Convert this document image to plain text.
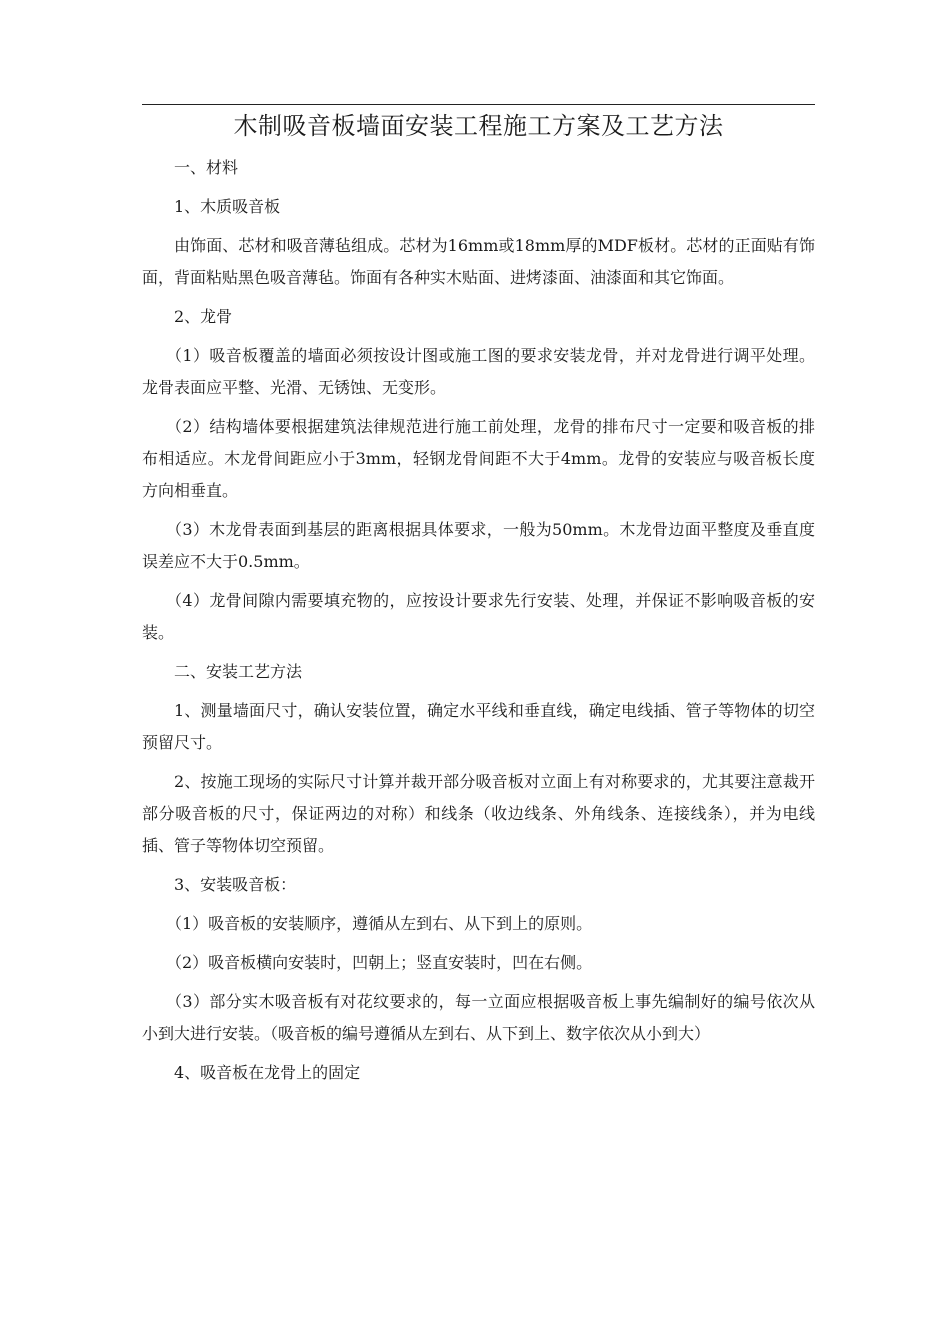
木制吸音板墙面安装工程施工方案及工艺方法

一、材料

1、木质吸音板

由饰面、芯材和吸音薄毡组成。芯材为16mm或18mm厚的MDF板材。芯材的正面贴有饰面，背面粘贴黑色吸音薄毡。饰面有各种实木贴面、进烤漆面、油漆面和其它饰面。

2、龙骨

（1）吸音板覆盖的墙面必须按设计图或施工图的要求安装龙骨，并对龙骨进行调平处理。龙骨表面应平整、光滑、无锈蚀、无变形。

（2）结构墙体要根据建筑法律规范进行施工前处理，龙骨的排布尺寸一定要和吸音板的排布相适应。木龙骨间距应小于3mm，轻钢龙骨间距不大于4mm。龙骨的安装应与吸音板长度方向相垂直。

（3）木龙骨表面到基层的距离根据具体要求，一般为50mm。木龙骨边面平整度及垂直度误差应不大于0.5mm。

（4）龙骨间隙内需要填充物的，应按设计要求先行安装、处理，并保证不影响吸音板的安装。

二、安装工艺方法

1、测量墙面尺寸，确认安装位置，确定水平线和垂直线，确定电线插、管子等物体的切空预留尺寸。

2、按施工现场的实际尺寸计算并裁开部分吸音板对立面上有对称要求的，尤其要注意裁开部分吸音板的尺寸，保证两边的对称）和线条（收边线条、外角线条、连接线条），并为电线插、管子等物体切空预留。

3、安装吸音板：

（1）吸音板的安装顺序，遵循从左到右、从下到上的原则。

（2）吸音板横向安装时，凹朝上；竖直安装时，凹在右侧。

（3）部分实木吸音板有对花纹要求的，每一立面应根据吸音板上事先编制好的编号依次从小到大进行安装。（吸音板的编号遵循从左到右、从下到上、数字依次从小到大）

4、吸音板在龙骨上的固定
